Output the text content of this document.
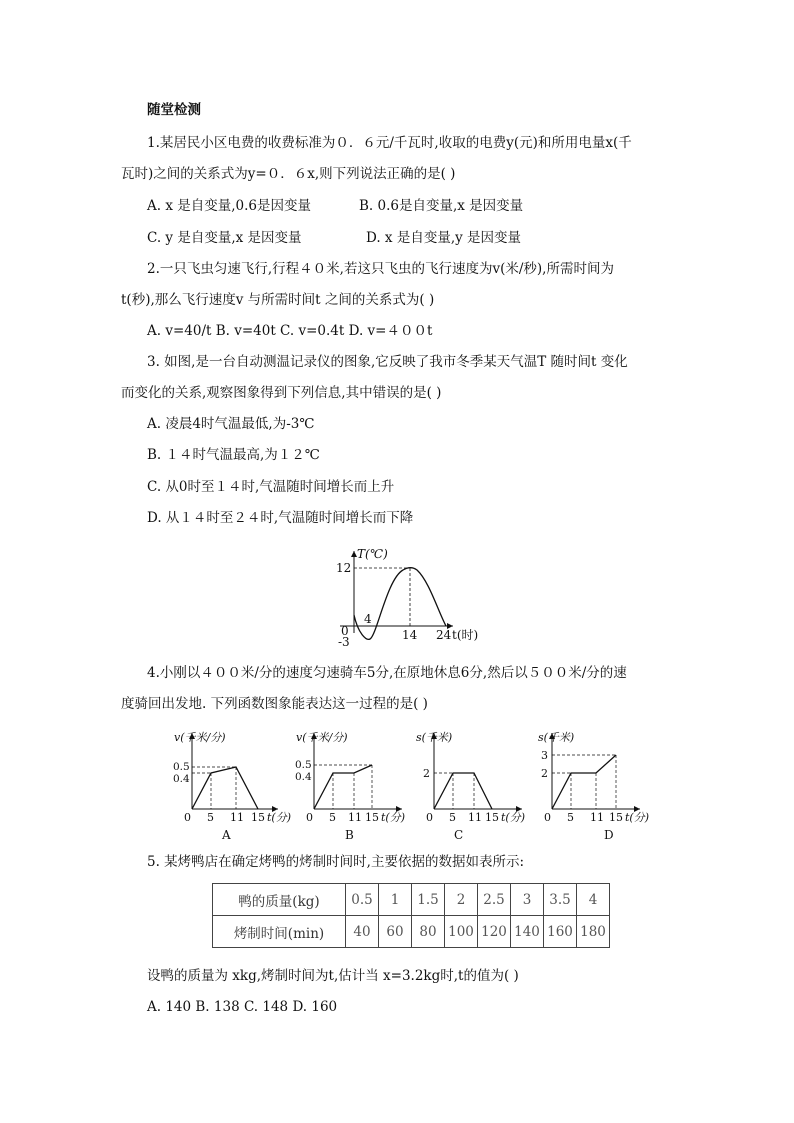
随堂检测
1.某居民小区电费的收费标准为０．６元/千瓦时,收取的电费y(元)和所用电量x(千
瓦时)之间的关系式为y=０．６x,则下列说法正确的是( )
A. x 是自变量,0.6是因变量	B. 0.6是自变量,x 是因变量
C. y 是自变量,x 是因变量	D. x 是自变量,y 是因变量
2.一只飞虫匀速飞行,行程４０米,若这只飞虫的飞行速度为v(米/秒),所需时间为
t(秒),那么飞行速度v 与所需时间t 之间的关系式为( )
A. v=40/t B. v=40t C. v=0.4t D. v=４００t
3. 如图,是一台自动测温记录仪的图象,它反映了我市冬季某天气温T 随时间t 变化
而变化的关系,观察图象得到下列信息,其中错误的是( )
A. 凌晨4时气温最低,为-3℃
B. １４时气温最高,为１２℃
C. 从0时至１４时,气温随时间增长而上升
D. 从１４时至２４时,气温随时间增长而下降
T(℃)
12
0
-3
4
14 24 t(时)
4.小刚以４００米/分的速度匀速骑车5分,在原地休息6分,然后以５００米/分的速
度骑回出发地. 下列函数图象能表达这一过程的是( )
v(千米/分)
0.5
0.4
0 5 11 15 t(分)
A
v(千米/分)
0.5
0.4
0 5 11 15 t(分)
B
s(千米)
2
0 5 11 15 t(分)
C
s(千米)
3
2
0 5 11 15 t(分)
D
5. 某烤鸭店在确定烤鸭的烤制时间时,主要依据的数据如表所示:
鸭的质量(kg)	0.5	1	1.5	2	2.5	3	3.5	4
烤制时间(min)	40	60	80	100	120	140	160	180
设鸭的质量为 xkg,烤制时间为t,估计当 x=3.2kg时,t的值为( )
A. 140 B. 138 C. 148 D. 160
